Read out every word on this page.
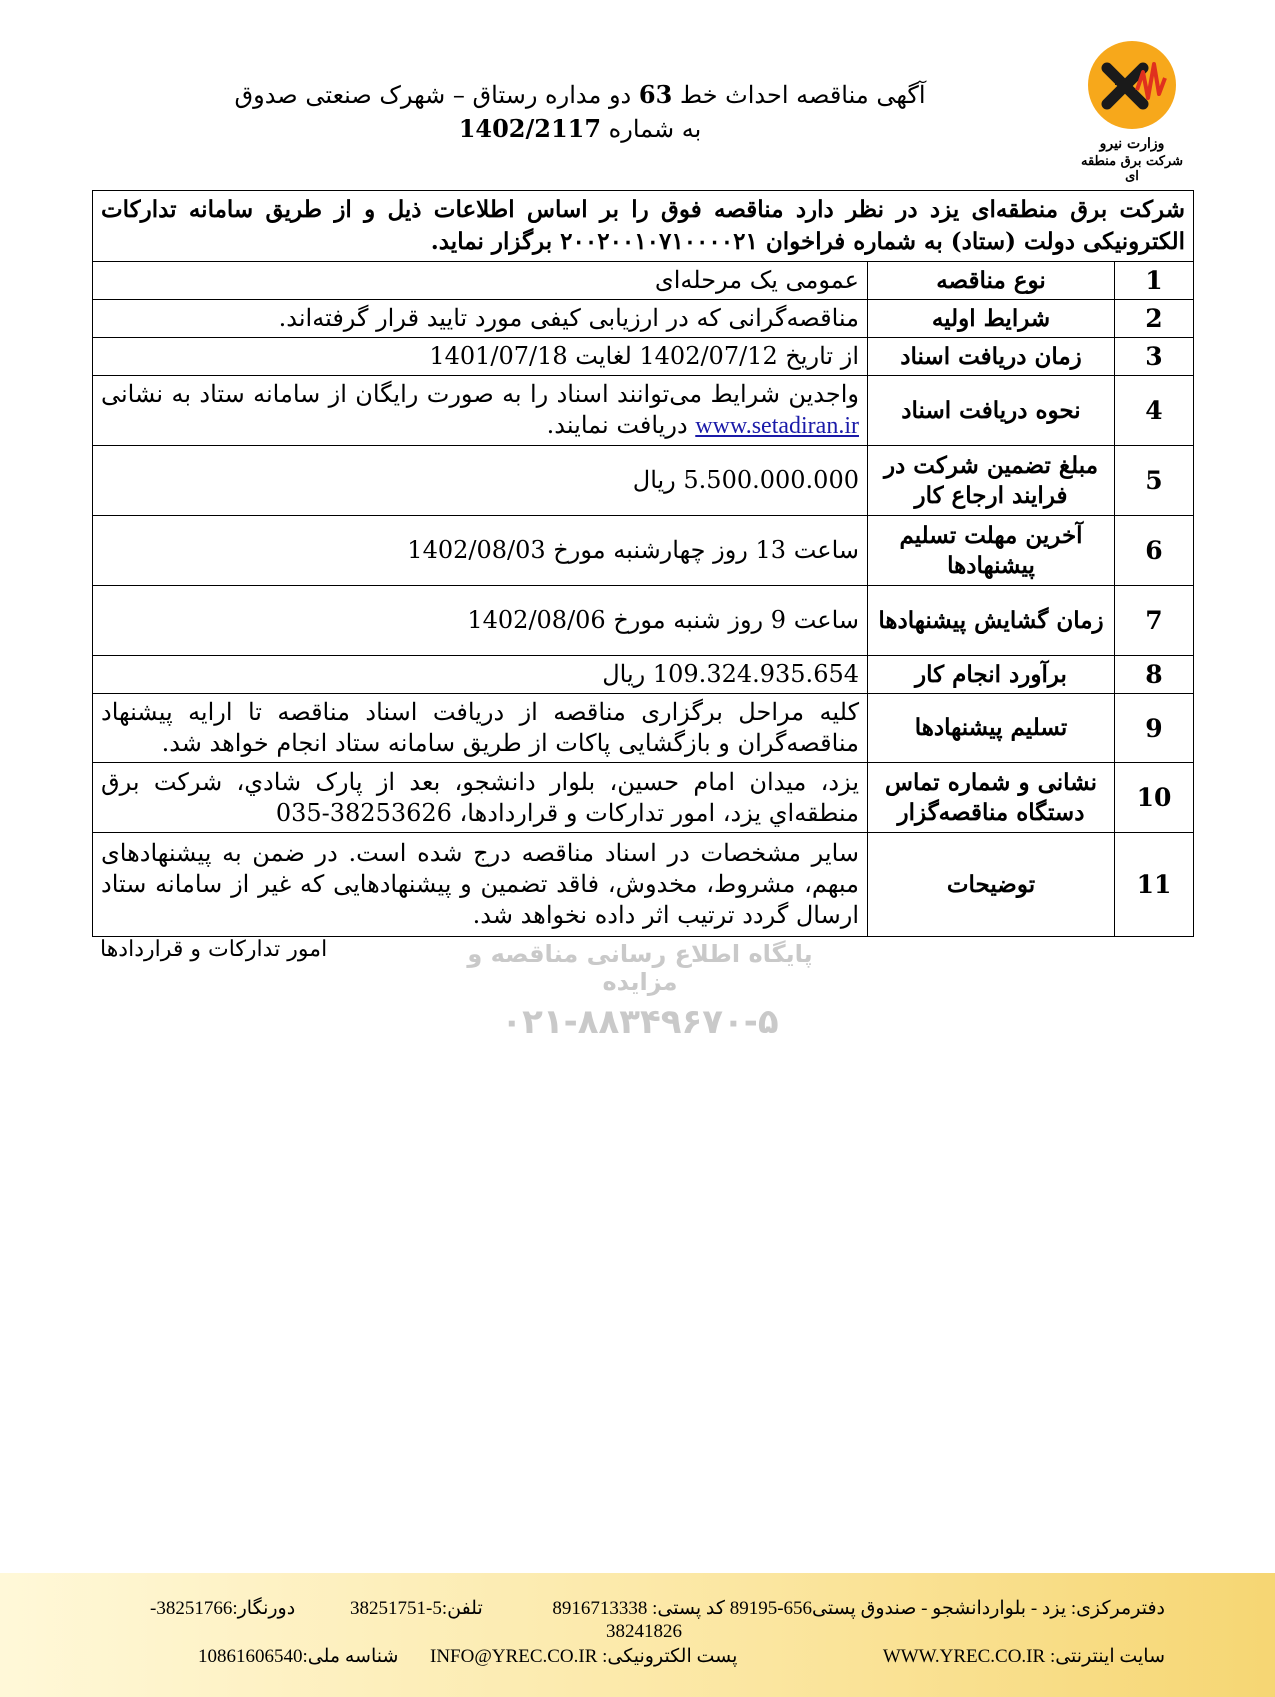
آگهی مناقصه احداث خط 63 دو مداره رستاق – شهرک صنعتی صدوق
به شماره 1402/2117
وزارت نیرو
شرکت برق منطقه ای
شرکت برق منطقه‌ای یزد در نظر دارد مناقصه فوق را بر اساس اطلاعات ذیل و از طریق سامانه تدارکات الکترونیکی دولت (ستاد) به شماره فراخوان ۲۰۰۲۰۰۱۰۷۱۰۰۰۰۲۱ برگزار نماید.		
1	نوع مناقصه	عمومی یک مرحله‌ای
2	شرایط اولیه	مناقصه‌گرانی که در ارزیابی کیفی مورد تایید قرار گرفته‌اند.
3	زمان دریافت اسناد	از تاریخ 1402/07/12 لغایت 1401/07/18
4	نحوه دریافت اسناد	واجدین شرایط می‌توانند اسناد را به صورت رایگان از سامانه ستاد به نشانی www.setadiran.ir دریافت نمایند.
5	مبلغ تضمین شرکت در فرایند ارجاع کار	5.500.000.000 ریال
6	آخرین مهلت تسلیم پیشنهادها	ساعت 13 روز چهارشنبه مورخ 1402/08/03
7	زمان گشایش پیشنهادها	ساعت 9 روز شنبه مورخ 1402/08/06
8	برآورد انجام کار	109.324.935.654 ریال
9	تسلیم پیشنهادها	کلیه مراحل برگزاری مناقصه از دریافت اسناد مناقصه تا ارایه پیشنهاد مناقصه‌گران و بازگشایی پاکات از طریق سامانه ستاد انجام خواهد شد.
10	نشانی و شماره تماس دستگاه مناقصه‌گزار	یزد، میدان امام حسین، بلوار دانشجو، بعد از پارک شادي، شرکت برق منطقه‌اي یزد، امور تدارکات و قراردادها، 38253626-035
11	توضیحات	سایر مشخصات در اسناد مناقصه درج شده است. در ضمن به پیشنهادهای مبهم، مشروط، مخدوش، فاقد تضمین و پیشنهادهایی که غیر از سامانه ستاد ارسال گردد ترتیب اثر داده نخواهد شد.
امور تدارکات و قراردادها	پایگاه اطلاع رسانی مناقصه و مزایده
۰۲۱-۸۸۳۴۹۶۷۰-۵
دفترمرکزی: یزد - بلواردانشجو - صندوق پستی656-89195 کد پستی: 8916713338
تلفن:5-38251751
دورنگار:38251766-
38241826
سایت اینترنتی: WWW.YREC.CO.IR
پست الکترونیکی: INFO@YREC.CO.IR
شناسه ملی:10861606540
